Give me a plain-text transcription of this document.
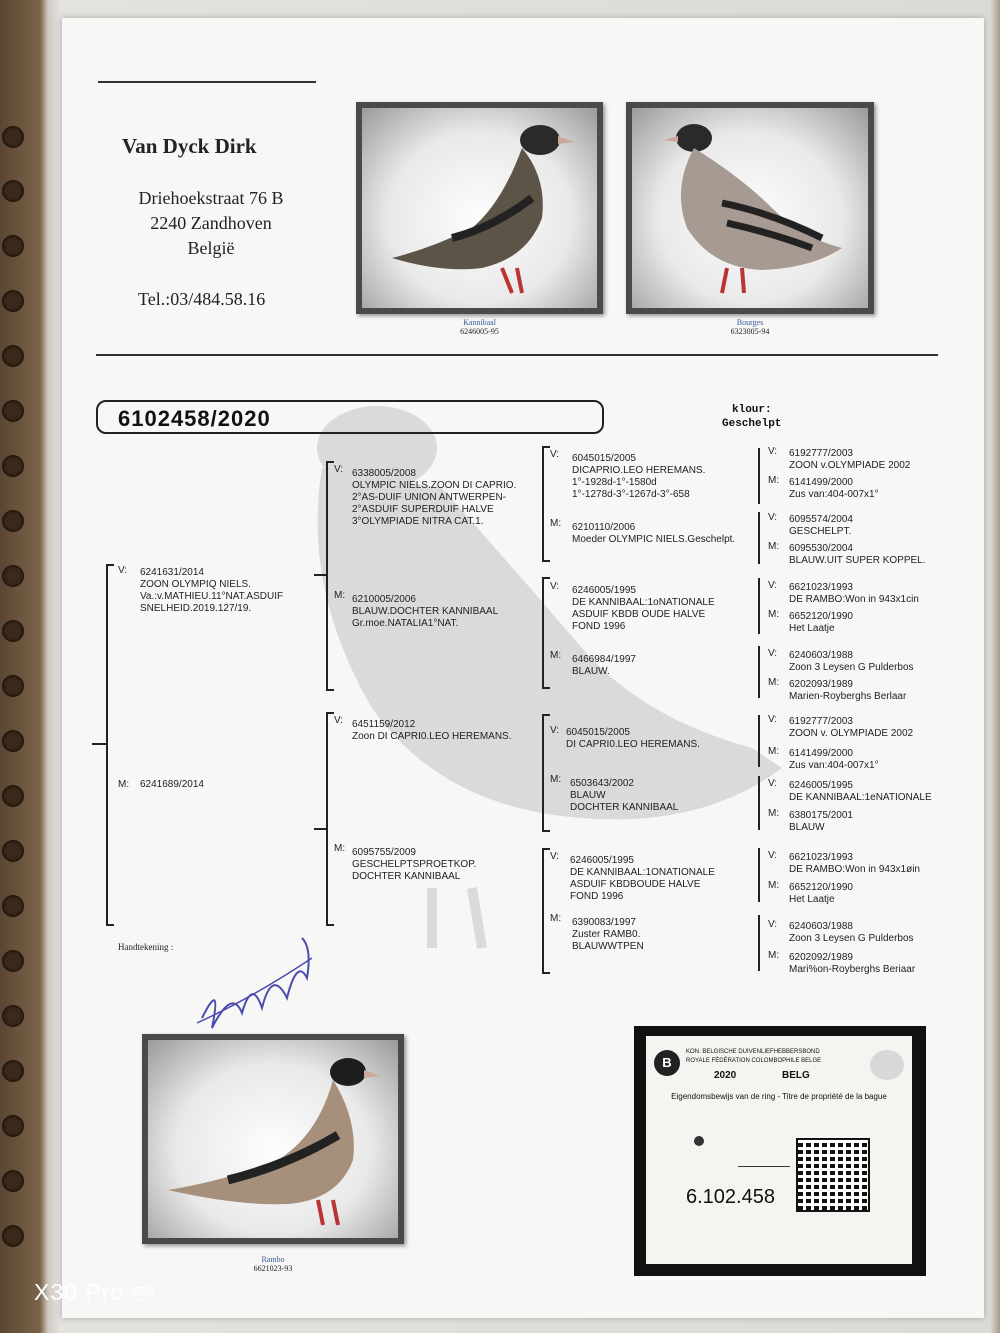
Van Dyck Dirk
Driehoekstraat 76 B
2240 Zandhoven
België
Tel.:03/484.58.16
Kannibaal
6246005-95
Bourges
6323005-94
6102458/2020	klour:
Geschelpt
V: 6241631/2014
ZOON OLYMPIQ NIELS.
Va.:v.MATHIEU.11°NAT.ASDUIF
SNELHEID.2019.127/19.
M: 6241689/2014
V: 6338005/2008
OLYMPIC NIELS.ZOON DI CAPRIO.
2°AS-DUIF UNION ANTWERPEN-
2°ASDUIF SUPERDUIF HALVE
3°OLYMPIADE NITRA CAT.1.
M: 6210005/2006
BLAUW.DOCHTER KANNIBAAL
Gr.moe.NATALIA1°NAT.
V: 6451159/2012
Zoon DI CAPRI0.LEO HEREMANS.
M: 6095755/2009
GESCHELPTSPROETKOP.
DOCHTER KANNIBAAL
V: 6045015/2005
DICAPRIO.LEO HEREMANS.
1°-1928d-1°-1580d
1°-1278d-3°-1267d-3°-658
M: 6210110/2006
Moeder OLYMPIC NIELS.Geschelpt.
V: 6246005/1995
DE KANNIBAAL:1oNATIONALE
ASDUIF KBDB OUDE HALVE
FOND 1996
M: 6466984/1997
BLAUW.
V: 6045015/2005
DI CAPRI0.LEO HEREMANS.
M: 6503643/2002
BLAUW
DOCHTER KANNIBAAL
V: 6246005/1995
DE KANNIBAAL:1ONATIONALE
ASDUIF KBDBOUDE HALVE
FOND 1996
M: 6390083/1997
Zuster RAMB0.
BLAUWWTPEN
V: 6192777/2003
ZOON v.OLYMPIADE 2002
M: 6141499/2000
Zus van:404-007x1°
V: 6095574/2004
GESCHELPT.
M: 6095530/2004
BLAUW.UIT SUPER KOPPEL.
V: 6621023/1993
DE RAMBO:Won in 943x1cin
M: 6652120/1990
Het Laatje
V: 6240603/1988
Zoon 3 Leysen G Pulderbos
M: 6202093/1989
Marien-Royberghs Berlaar
V: 6192777/2003
ZOON v. OLYMPIADE 2002
M: 6141499/2000
Zus van:404-007x1°
V: 6246005/1995
DE KANNIBAAL:1eNATIONALE
M: 6380175/2001
BLAUW
V: 6621023/1993
DE RAMBO:Won in 943x1øin
M: 6652120/1990
Het Laatje
V: 6240603/1988
Zoon 3 Leysen G Pulderbos
M: 6202092/1989
Mari%on-Royberghs Beriaar
Handtekening :
Rambo
6621023-93
B
KON. BELGISCHE DUIVENLIEFHEBBERSBOND
ROYALE FÉDÉRATION COLOMBOPHILE BELGE
2020	BELG
Eigendomsbewijs van de ring - Titre de propriété de la bague
6.102.458
X30 Pro 5G
